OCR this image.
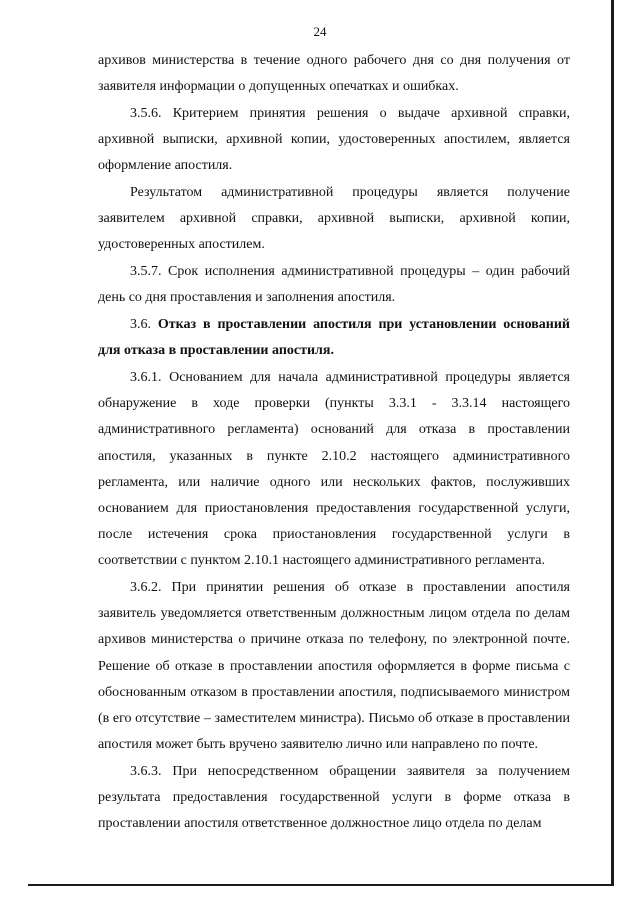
24

архивов министерства в течение одного рабочего дня со дня получения от заявителя информации о допущенных опечатках и ошибках.

3.5.6. Критерием принятия решения о выдаче архивной справки, архивной выписки, архивной копии, удостоверенных апостилем, является оформление апостиля.

Результатом административной процедуры является получение заявителем архивной справки, архивной выписки, архивной копии, удостоверенных апостилем.

3.5.7. Срок исполнения административной процедуры – один рабочий день со дня проставления и заполнения апостиля.

3.6. Отказ в проставлении апостиля при установлении оснований для отказа в проставлении апостиля.

3.6.1. Основанием для начала административной процедуры является обнаружение в ходе проверки (пункты 3.3.1 - 3.3.14 настоящего административного регламента) оснований для отказа в проставлении апостиля, указанных в пункте 2.10.2 настоящего административного регламента, или наличие одного или нескольких фактов, послуживших основанием для приостановления предоставления государственной услуги, после истечения срока приостановления государственной услуги в соответствии с пунктом 2.10.1 настоящего административного регламента.

3.6.2. При принятии решения об отказе в проставлении апостиля заявитель уведомляется ответственным должностным лицом отдела по делам архивов министерства о причине отказа по телефону, по электронной почте. Решение об отказе в проставлении апостиля оформляется в форме письма с обоснованным отказом в проставлении апостиля, подписываемого министром (в его отсутствие – заместителем министра). Письмо об отказе в проставлении апостиля может быть вручено заявителю лично или направлено по почте.

3.6.3. При непосредственном обращении заявителя за получением результата предоставления государственной услуги в форме отказа в проставлении апостиля ответственное должностное лицо отдела по делам
